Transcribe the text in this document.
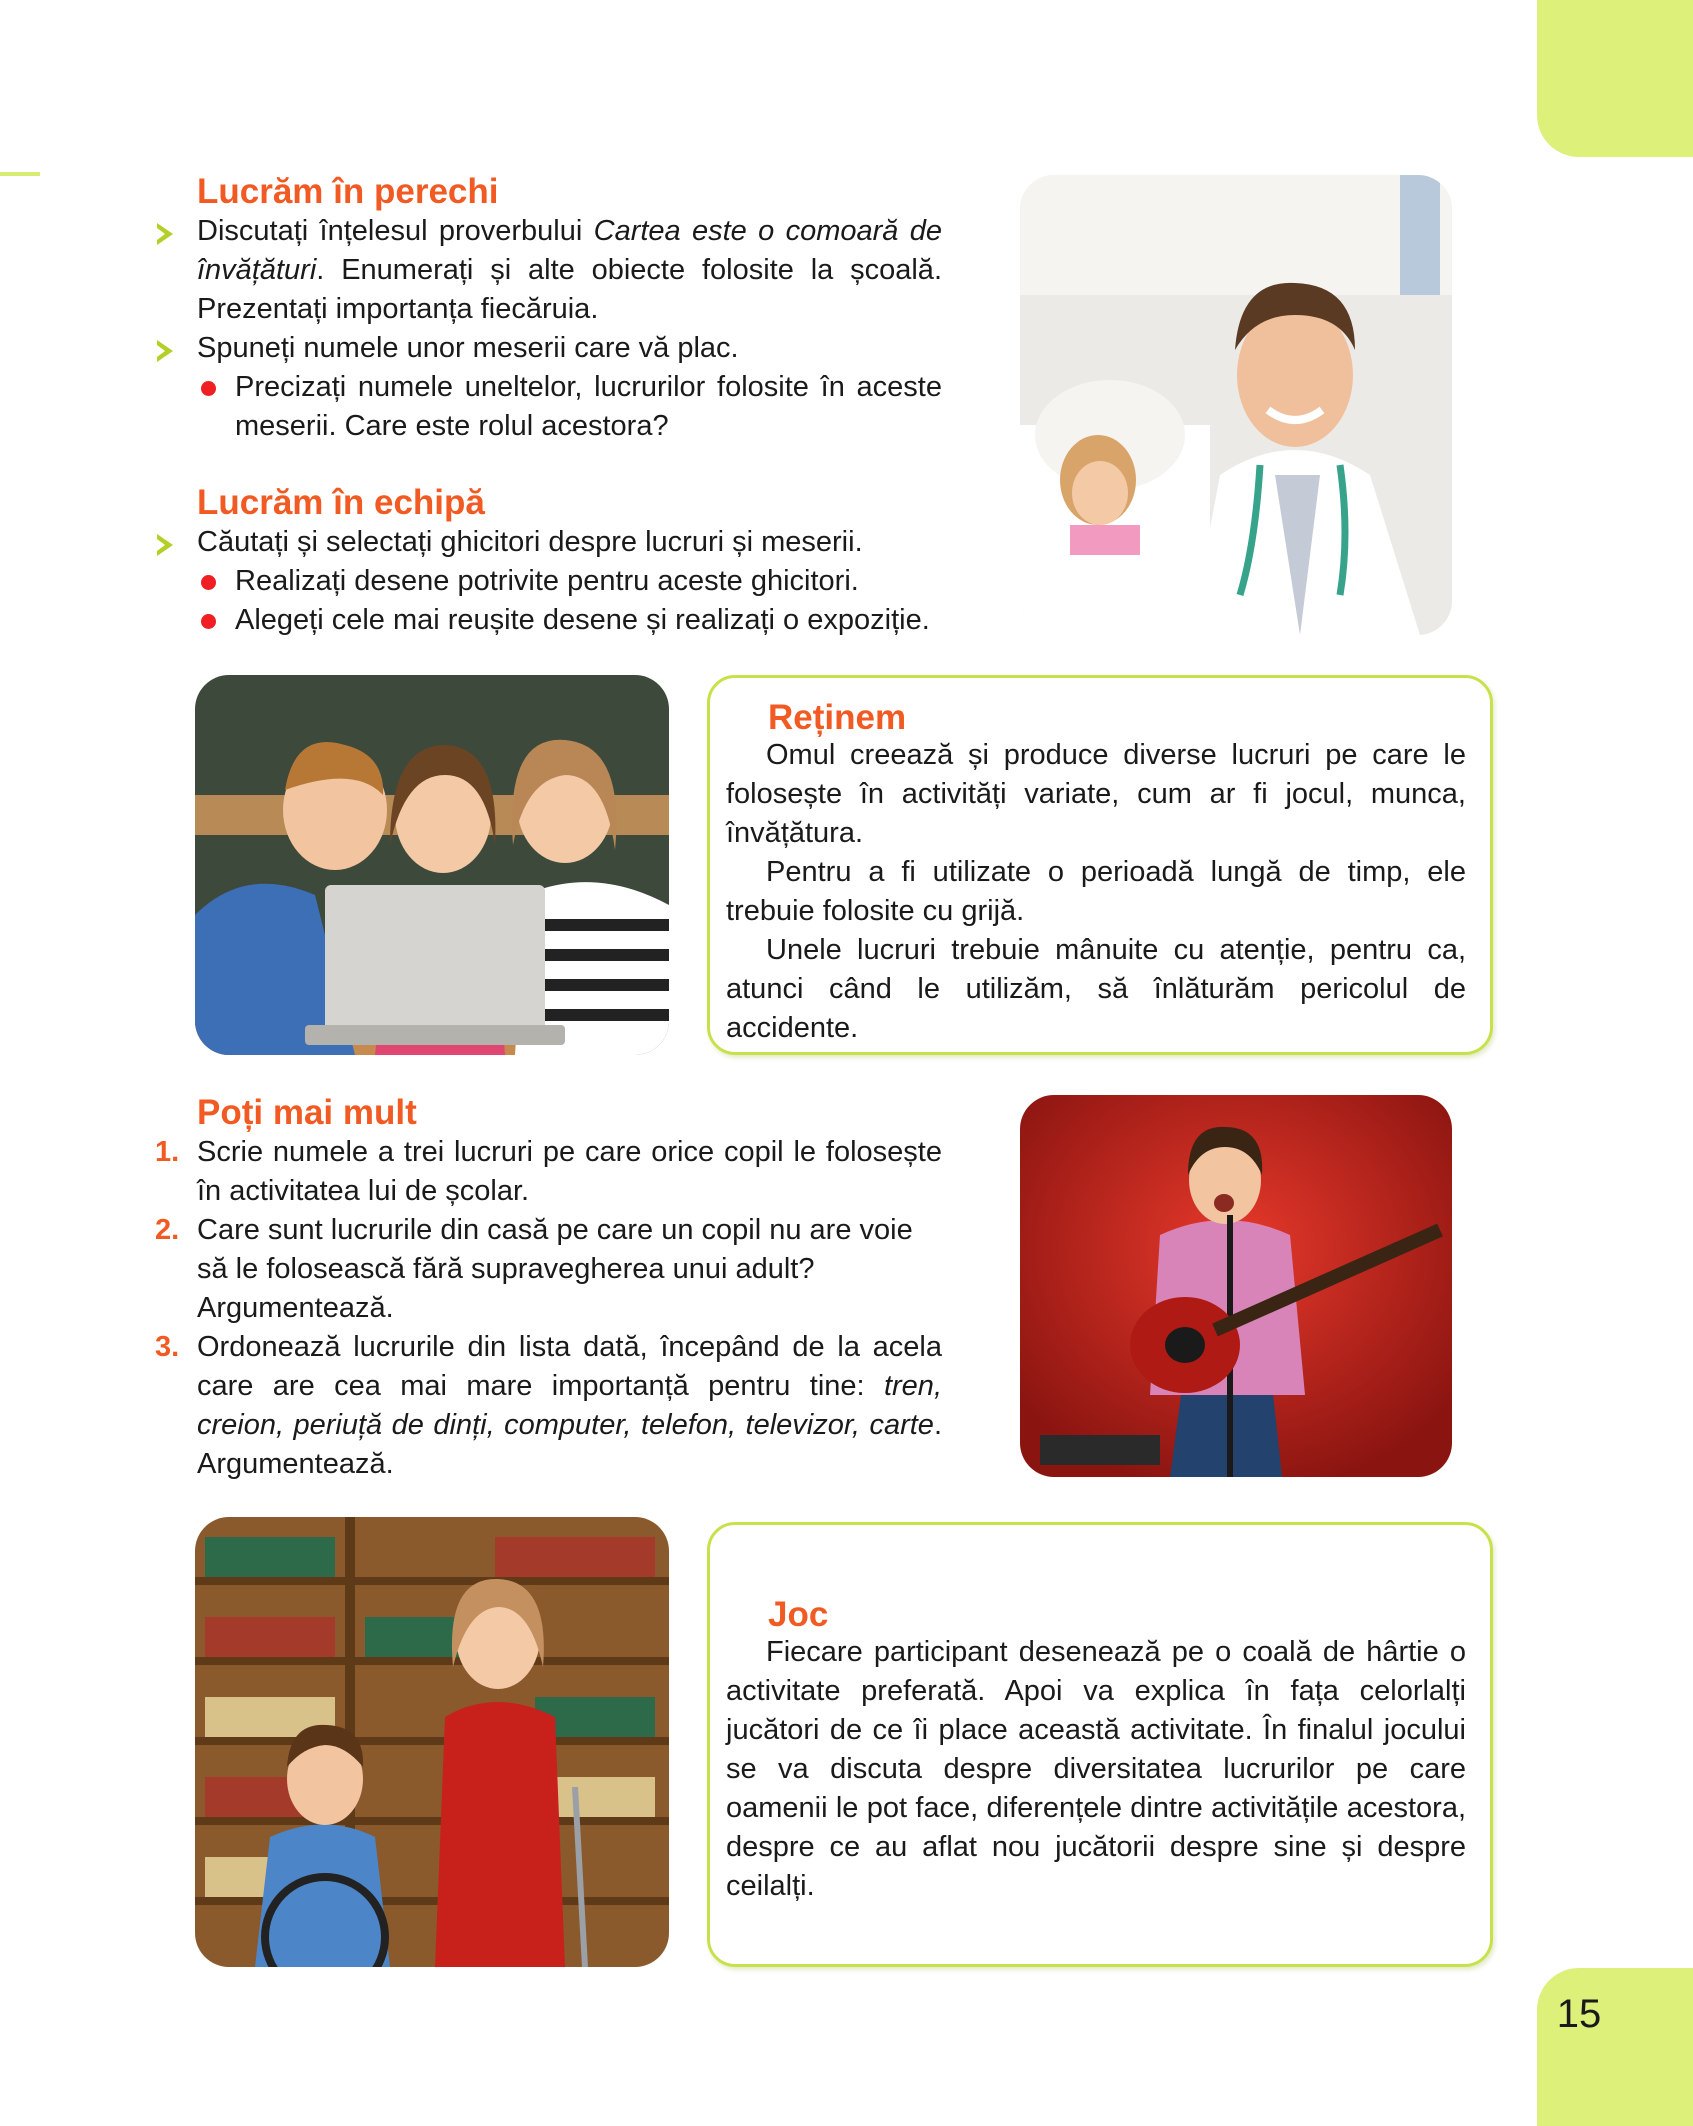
15
Lucrăm în perechi

Discutați înțelesul proverbului Cartea este o comoară de învățături. Enumerați și alte obiecte folosite la școală. Prezentați importanța fiecăruia.

Spuneți numele unor meserii care vă plac.

Precizați numele uneltelor, lucrurilor folosite în aceste meserii. Care este rolul acestora?

Lucrăm în echipă

Căutați și selectați ghicitori despre lucruri și meserii.

Realizați desene potrivite pentru aceste ghicitori.

Alegeți cele mai reușite desene și realizați o expoziție.

Reținem

Omul creează și produce diverse lucruri pe care le folosește în activități variate, cum ar fi jocul, munca, învățătura.

Pentru a fi utilizate o perioadă lungă de timp, ele trebuie folosite cu grijă.

Unele lucruri trebuie mânuite cu atenție, pentru ca, atunci când le utilizăm, să înlăturăm pericolul de accidente.

Poți mai mult

1. Scrie numele a trei lucruri pe care orice copil le folosește în activitatea lui de școlar.

2. Care sunt lucrurile din casă pe care un copil nu are voie să le folosească fără supravegherea unui adult? Argumentează.

3. Ordonează lucrurile din lista dată, începând de la acela care are cea mai mare importanță pentru tine: tren, creion, periuță de dinți, computer, telefon, televizor, carte. Argumentează.

Joc

Fiecare participant desenează pe o coală de hârtie o activitate preferată. Apoi va explica în fața celorlalți jucători de ce îi place această activitate. În finalul jocului se va discuta despre diversitatea lucrurilor pe care oamenii le pot face, diferențele dintre activitățile acestora, despre ce au aflat nou jucătorii despre sine și despre ceilalți.
